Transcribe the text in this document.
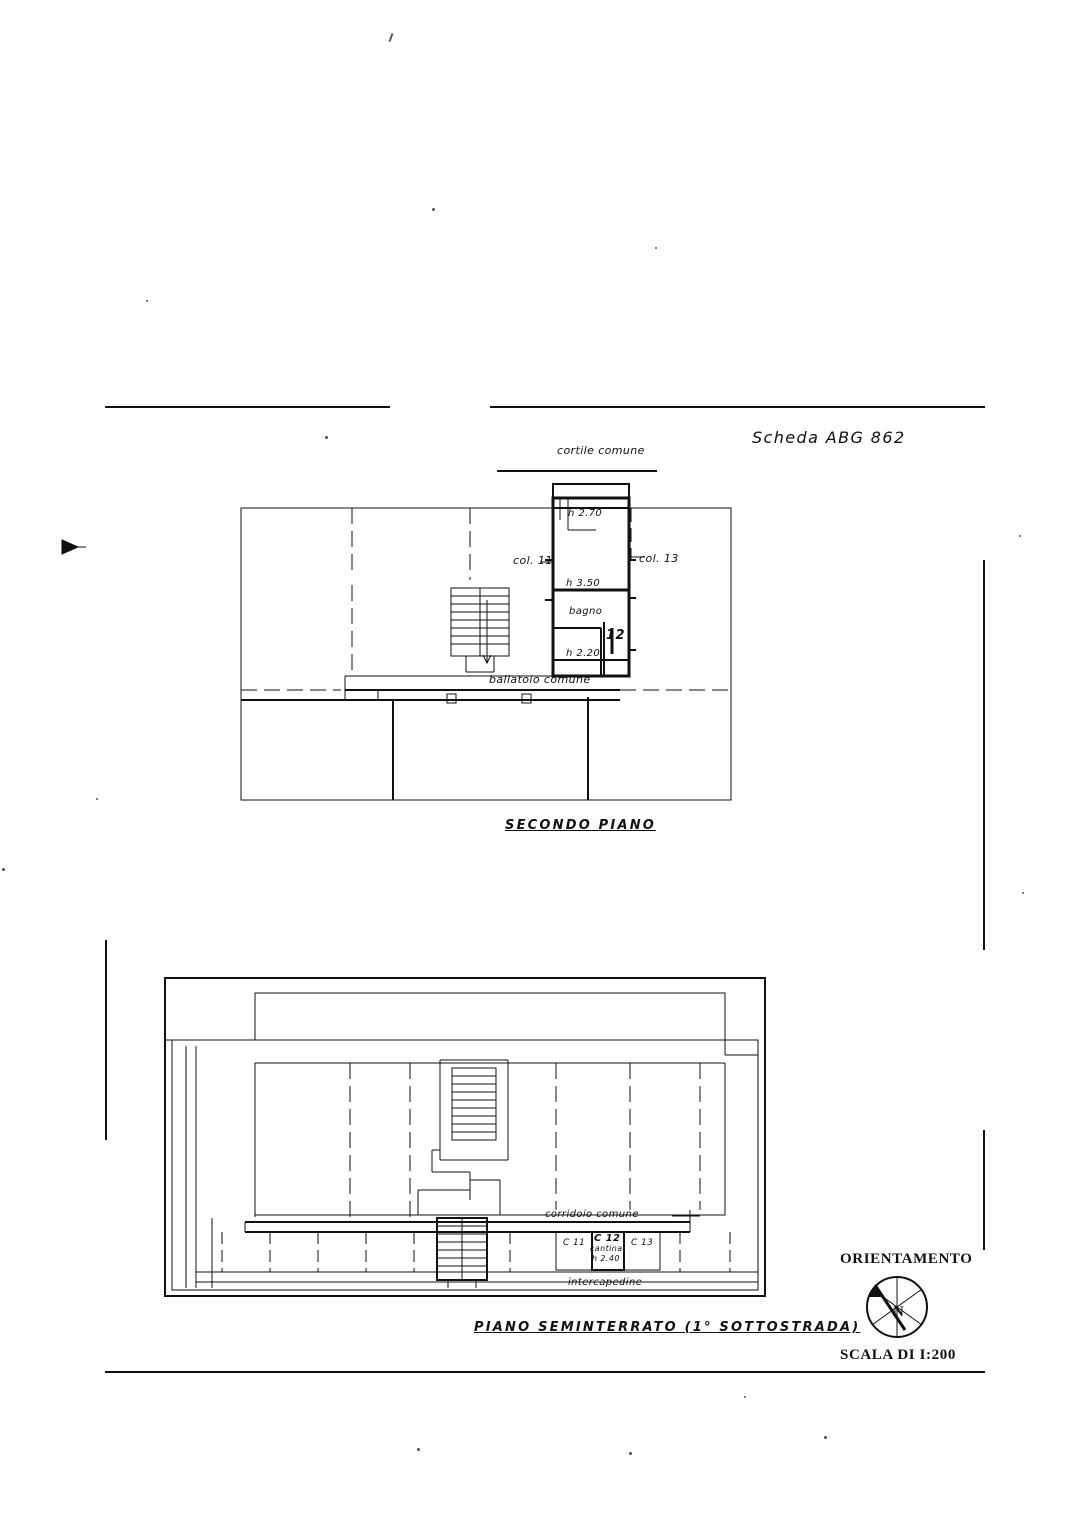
Scheda ABG 862
cortile comune
h 2.70
col. 11	col. 13
h 3.50
bagno
12
h 2.20
ballatoio comune
SECONDO PIANO
corridoio comune
C 11 C 12
cantina
h 2.40
C 13
intercapedine
PIANO SEMINTERRATO (1° SOTTOSTRADA)
ORIENTAMENTO
N
SCALA DI I:200
